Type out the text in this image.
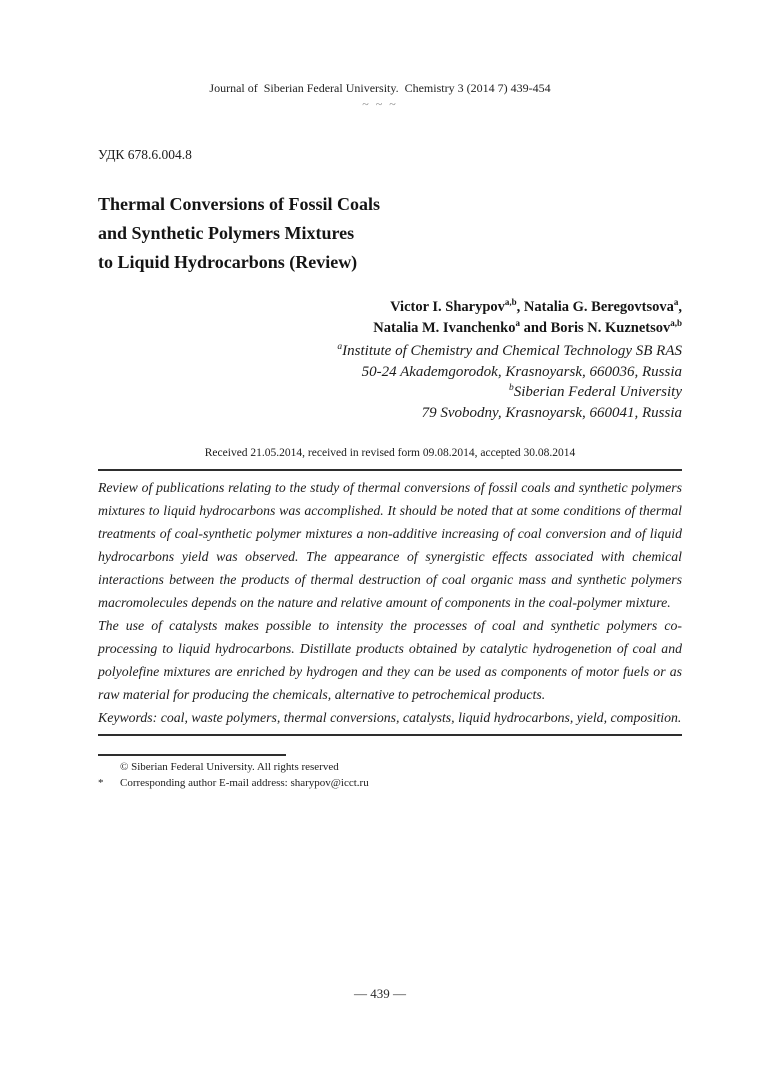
Journal of  Siberian Federal University.  Chemistry 3 (2014 7) 439-454
~ ~ ~
УДК 678.6.004.8
Thermal Conversions of Fossil Coals
and Synthetic Polymers Mixtures
to Liquid Hydrocarbons (Review)
Victor I. Sharypov$^{a,b}$, Natalia G. Beregovtsova$^a$,
Natalia M. Ivanchenko$^a$ and Boris N. Kuznetsov$^{a,b}$
$^a$Institute of Chemistry and Chemical Technology SB RAS
50-24 Akademgorodok, Krasnoyarsk, 660036, Russia
$^b$Siberian Federal University
79 Svobodny, Krasnoyarsk, 660041, Russia
Received 21.05.2014, received in revised form 09.08.2014, accepted 30.08.2014

Review of publications relating to the study of thermal conversions of fossil coals and synthetic polymers mixtures to liquid hydrocarbons was accomplished. It should be noted that at some conditions of thermal treatments of coal-synthetic polymer mixtures a non-additive increasing of coal conversion and of liquid hydrocarbons yield was observed. The appearance of synergistic effects associated with chemical interactions between the products of thermal destruction of coal organic mass and synthetic polymers macromolecules depends on the nature and relative amount of components in the coal-polymer mixture.

The use of catalysts makes possible to intensity the processes of coal and synthetic polymers co-processing to liquid hydrocarbons. Distillate products obtained by catalytic hydrogenetion of coal and polyolefine mixtures are enriched by hydrogen and they can be used as components of motor fuels or as raw material for producing the chemicals, alternative to petrochemical products.

Keywords: coal, waste polymers, thermal conversions, catalysts, liquid hydrocarbons, yield, composition.

© Siberian Federal University. All rights reserved
* Corresponding author E-mail address: sharypov@icct.ru
— 439 —
